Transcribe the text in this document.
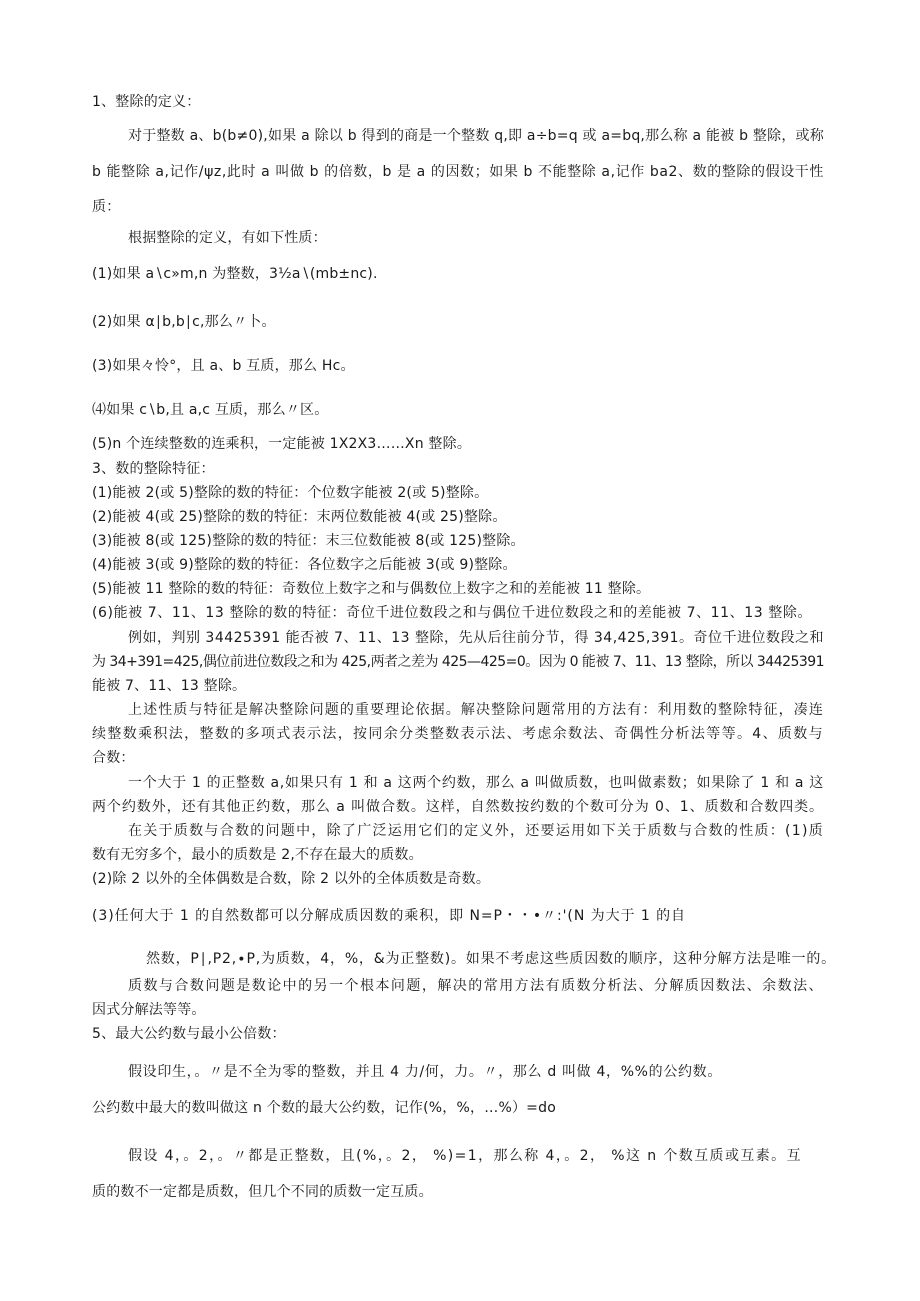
1、整除的定义：
对于整数 a、b(b≠0),如果 a 除以 b 得到的商是一个整数 q,即 a÷b=q 或 a=bq,那么称 a 能被 b 整除，或称
b 能整除 a,记作/ψz,此时 a 叫做 b 的倍数，b 是 a 的因数；如果 b 不能整除 a,记作 ba2、数的整除的假设干性
质：
根据整除的定义，有如下性质：
(1)如果 a∖c»m,n 为整数，3½a∖(mb±nc).
(2)如果 α∣b,b∣c,那么〃卜。
(3)如果々怜°，且 a、b 互质，那么 Hc。
⑷如果 c∖b,且 a,c 互质，那么〃区。
(5)n 个连续整数的连乘积，一定能被 1X2X3……Xn 整除。
3、数的整除特征：
(1)能被 2(或 5)整除的数的特征：个位数字能被 2(或 5)整除。
(2)能被 4(或 25)整除的数的特征：末两位数能被 4(或 25)整除。
(3)能被 8(或 125)整除的数的特征：末三位数能被 8(或 125)整除。
(4)能被 3(或 9)整除的数的特征：各位数字之后能被 3(或 9)整除。
(5)能被 11 整除的数的特征：奇数位上数字之和与偶数位上数字之和的差能被 11 整除。
(6)能被 7、11、13 整除的数的特征：奇位千进位数段之和与偶位千进位数段之和的差能被 7、11、13 整除。
例如，判别 34425391 能否被 7、11、13 整除，先从后往前分节，得 34,425,391。奇位千进位数段之和
为 34+391=425,偶位前进位数段之和为 425,两者之差为 425—425=0。因为 0 能被 7、11、13 整除，所以 34425391
能被 7、11、13 整除。
上述性质与特征是解决整除问题的重要理论依据。解决整除问题常用的方法有：利用数的整除特征，凑连
续整数乘积法，整数的多项式表示法，按同余分类整数表示法、考虑余数法、奇偶性分析法等等。4、质数与
合数：
一个大于 1 的正整数 a,如果只有 1 和 a 这两个约数，那么 a 叫做质数，也叫做素数；如果除了 1 和 a 这
两个约数外，还有其他正约数，那么 a 叫做合数。这样，自然数按约数的个数可分为 0、1、质数和合数四类。
在关于质数与合数的问题中，除了广泛运用它们的定义外，还要运用如下关于质数与合数的性质：(1)质
数有无穷多个，最小的质数是 2,不存在最大的质数。
(2)除 2 以外的全体偶数是合数，除 2 以外的全体质数是奇数。
(3)任何大于 1 的自然数都可以分解成质因数的乘积，即 N=P・・•〃:'(N 为大于 1 的自
然数，P∣,P2,∙P,为质数，4，%，&为正整数)。如果不考虑这些质因数的顺序，这种分解方法是唯一的。
质数与合数问题是数论中的另一个根本问题，解决的常用方法有质数分析法、分解质因数法、余数法、
因式分解法等等。
5、最大公约数与最小公倍数：
假设印生，。〃是不全为零的整数，并且 4 力/何，力。〃，那么 d 叫做 4，%%的公约数。
公约数中最大的数叫做这 n 个数的最大公约数，记作(%，%，…%）=do
假设 4，。2，。〃都是正整数，且(%，。2， %)=1，那么称 4，。2， %这 n 个数互质或互素。互
质的数不一定都是质数，但几个不同的质数一定互质。
